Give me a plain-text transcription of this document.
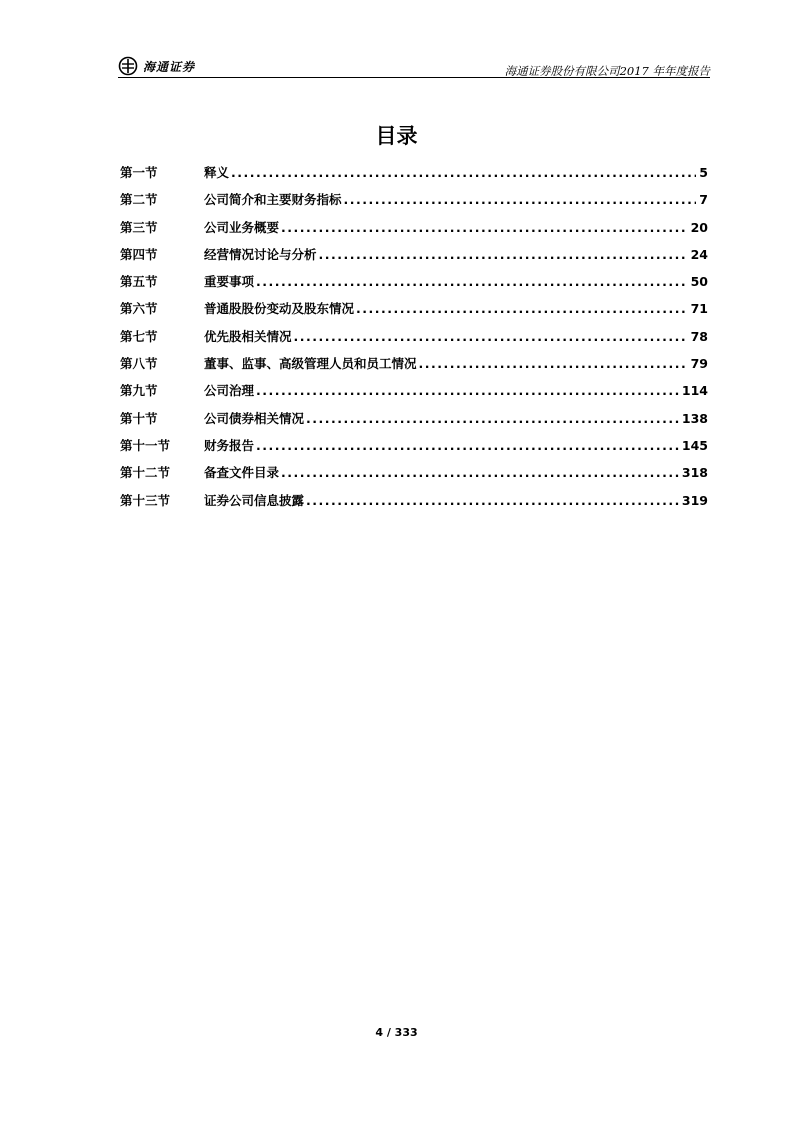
海通证券	海通证券股份有限公司2017 年年度报告
目录
第一节	释义 .....	5
第二节	公司简介和主要财务指标 .....	7
第三节	公司业务概要 .....	20
第四节	经营情况讨论与分析 .....	24
第五节	重要事项 .....	50
第六节	普通股股份变动及股东情况 .....	71
第七节	优先股相关情况 .....	78
第八节	董事、监事、高级管理人员和员工情况 .....	79
第九节	公司治理 .....	114
第十节	公司债券相关情况 .....	138
第十一节	财务报告 .....	145
第十二节	备查文件目录 .....	318
第十三节	证券公司信息披露 .....	319
4 / 333
